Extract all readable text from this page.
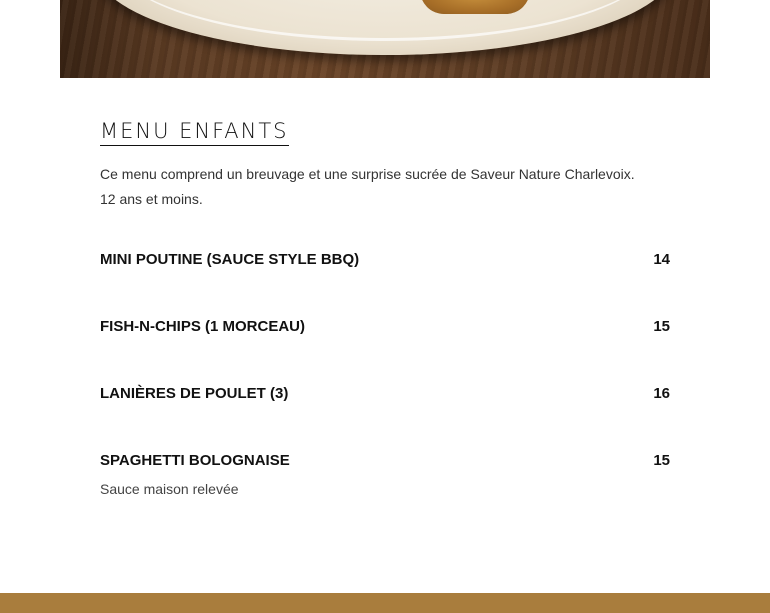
MENU ENFANTS

Ce menu comprend un breuvage et une surprise sucrée de Saveur Nature Charlevoix.

12 ans et moins.

MINI POUTINE (SAUCE STYLE BBQ)	14
FISH-N-CHIPS (1 MORCEAU)	15
LANIÈRES DE POULET (3)	16
SPAGHETTI BOLOGNAISE	15
Sauce maison relevée
